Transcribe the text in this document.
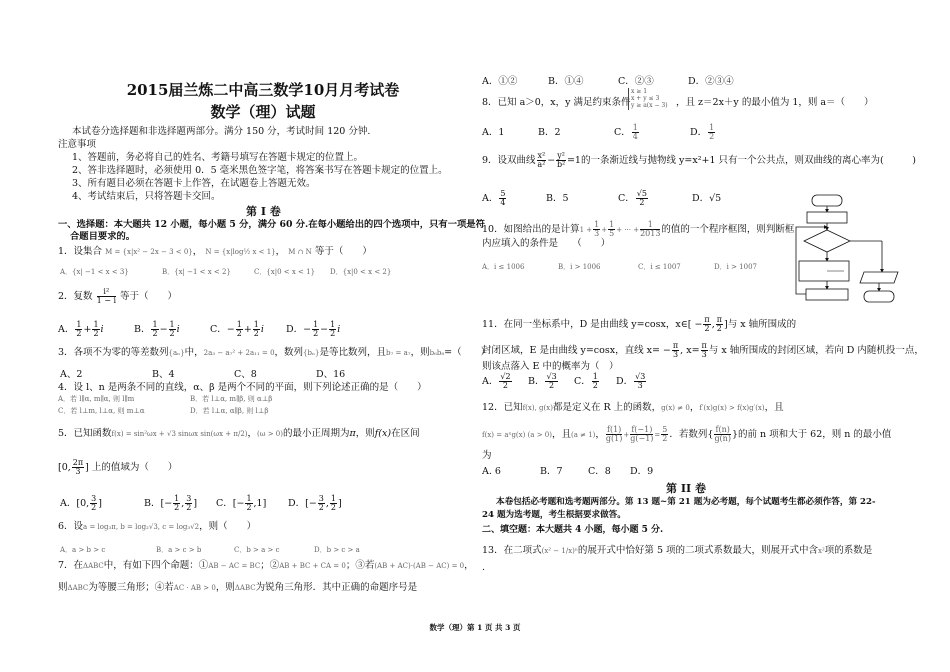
2015届兰炼二中高三数学10月月考试卷
数学（理）试题
本试卷分选择题和非选择题两部分。满分 150 分，考试时间 120 分钟.
注意事项
1、答题前，务必将自己的姓名、考籍号填写在答题卡规定的位置上。
2、答非选择题时，必须使用 0．5 毫米黑色签字笔，将答案书写在答题卡规定的位置上。
3、所有题目必须在答题卡上作答，在试题卷上答题无效。
4、考试结束后，只将答题卡交回。
第 I 卷
一、选择题：本大题共 12 小题，每小题 5 分，满分 60 分.在每小题给出的四个选项中，只有一项是符
合题目要求的。
1．设集合 M = {x|x² − 2x − 3 < 0}， N = {x|log½ x < 1}， M ∩ N 等于（　　）
A．{x| −1 < x < 3}	B．{x| −1 < x < 2}	C．{x|0 < x < 1} D．{x|0 < x < 2}
2．复数 $\frac{\text{i²}}{1 - i}$ 等于（　　）
A． $\frac{1}{2} + \frac{1}{2}$ i	B． $\frac{1}{2} - \frac{1}{2}$ i	C．− $\frac{1}{2} + \frac{1}{2}$ i D．− $\frac{1}{2} - \frac{1}{2}$ i
3．各项不为零的等差数列{aₙ}中，2a₃ − a₇² + 2a₁₁ = 0，数列{bₙ}是等比数列，且b₇ = a₇，则b₆b₈=（　　）
A、2	B、4	C、8	D、16
4．设 l、n 是两条不同的直线，α、β 是两个不同的平面，则下列论述正确的是（　　）
A．若 l∥α, m∥α, 则 l∥m	B．若 l⊥α, m∥β, 则 α⊥β
C．若 l⊥m, l⊥α, 则 m⊥α	D．若 l⊥α, α∥β, 则 l⊥β
5．已知函数f(x) = sin²ωx + √3 sinωx sin(ωx + π/2)，(ω > 0)的最小正周期为π，则f(x)在区间
[0, $\frac{2\pi}{3}$ ] 上的值域为（　　）
A．[0, $\frac{3}{2}$ ]	B．[− $\frac{1}{2}$ , $\frac{3}{2}$ ] C．[− $\frac{1}{2} ,1$] D．[− $\frac{3}{2}$ , $\frac{1}{2}$ ]
6．设a = log₃π, b = log₂√3, c = log₃√2，则（　　）
A．a > b > c	B．a > c > b	C．b > a > c	D．b > c > a
7．在ΔABC中，有如下四个命题：①AB − AC = BC；②AB + BC + CA = 0；③若(AB + AC)·(AB − AC) = 0，
则ΔABC为等腰三角形；④若AC · AB > 0，则ΔABC为锐角三角形．其中正确的命题序号是
A．①②	B．①④	C．②③	D．②③④
8．已知 a＞0，x，y 满足约束条件
x ≥ 1
x + y ≤ 3
y ≥ a(x − 3) ，且 z＝2x＋y 的最小值为 1，则 a＝（　　）
A．1	B．2	C． $\frac{1}{4}$	D． $\frac{1}{2}$
9．设双曲线 $\frac{\text{x²}}{\text{a²}} - \frac{\text{y²}}{\text{b²}} =1$的一条渐近线与抛物线 y=x²+1 只有一个公共点，则双曲线的离心率为(　　　)
A． $\frac{5}{4}$	B．5	C． $\frac{√5}{2}$	D．√5
10．如图给出的是计算$1 + \frac{1}{3} + \frac{1}{5}$ + ··· + $\frac{1}{2013}$ 的值的一个程序框图，则判断框
内应填入的条件是　　（　　）
A．i ≤ 1006	B．i > 1006	C．i ≤ 1007	D．i > 1007
11．在同一坐标系中，D 是由曲线 y=cosx，x∈[ − $\frac{\pi}{2}$ , $\frac{\pi}{2}$ ]与 x 轴所围成的
封闭区域，E 是由曲线 y=cosx，直线 $x= - \frac{\pi}{3}$ , $x= \frac{\pi}{3}$ 与 x 轴所围成的封闭区域，若向 D 内随机投一点，
则该点落入 E 中的概率为（　）
A． $\frac{√2}{2}$ B． $\frac{√3}{2}$ C． $\frac{1}{2}$ D． $\frac{√3}{3}$
12．已知f(x), g(x)都是定义在 R 上的函数，g(x) ≠ 0，f′(x)g(x) > f(x)g′(x)，且
f(x) = aˣg(x) (a > 0)，且(a ≠ 1)， $\frac{f(1)}{g(1)} + \frac{f(-1)}{g(-1)} = \frac{5}{2}$ ．若数列{ $\frac{f(n)}{g(n)}$ }的前 n 项和大于 62，则 n 的最小值
为
A. 6	B．7	C．8 D．9
第 II 卷
本卷包括必考题和选考题两部分。第 13 题~第 21 题为必考题，每个试题考生都必须作答，第 22-
24 题为选考题，考生根据要求做答。
二、填空题：本大题共 4 小题，每小题 5 分.
13．在二项式(x² − 1/x)ⁿ的展开式中恰好第 5 项的二项式系数最大，则展开式中含x²项的系数是
.
数学（理）第 1 页 共 3 页
